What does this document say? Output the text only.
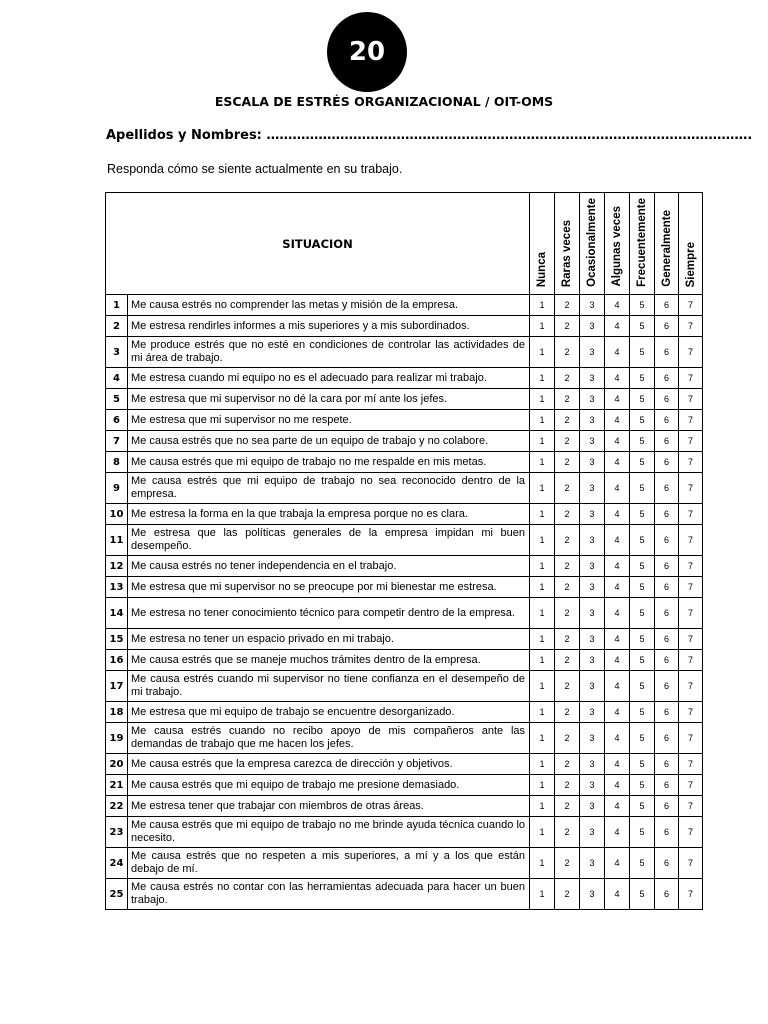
20
ESCALA DE ESTRÉS ORGANIZACIONAL / OIT-OMS
Apellidos y Nombres: ………………………………………………………………………………………………….
Responda cómo se siente actualmente en su trabajo.
SITUACION		Nunca	Raras veces	Ocasionalmente	Algunas veces	Frecuentemente	Generalmente	Siempre
1	Me causa estrés no comprender las metas y misión de la empresa.	1	2	3	4	5	6	7
2	Me estresa rendirles informes a mis superiores y a mis subordinados.	1	2	3	4	5	6	7
3	Me produce estrés que no esté en condiciones de controlar las actividades de mi área de trabajo.	1	2	3	4	5	6	7
4	Me estresa cuando mi equipo no es el adecuado para realizar mi trabajo.	1	2	3	4	5	6	7
5	Me estresa que mi supervisor no dé la cara por mí ante los jefes.	1	2	3	4	5	6	7
6	Me estresa que mi supervisor no me respete.	1	2	3	4	5	6	7
7	Me causa estrés que no sea parte de un equipo de trabajo y no colabore.	1	2	3	4	5	6	7
8	Me causa estrés que mi equipo de trabajo no me respalde en mis metas.	1	2	3	4	5	6	7
9	Me causa estrés que mi equipo de trabajo no sea reconocido dentro de la empresa.	1	2	3	4	5	6	7
10	Me estresa la forma en la que trabaja la empresa porque no es clara.	1	2	3	4	5	6	7
11	Me estresa que las políticas generales de la empresa impidan mi buen desempeño.	1	2	3	4	5	6	7
12	Me causa estrés no tener independencia en el trabajo.	1	2	3	4	5	6	7
13	Me estresa que mi supervisor no se preocupe por mi bienestar me estresa.	1	2	3	4	5	6	7
14	Me estresa no tener conocimiento técnico para competir dentro de la empresa.	1	2	3	4	5	6	7
15	Me estresa no tener un espacio privado en mi trabajo.	1	2	3	4	5	6	7
16	Me causa estrés que se maneje muchos trámites dentro de la empresa.	1	2	3	4	5	6	7
17	Me causa estrés cuando mi supervisor no tiene confianza en el desempeño de mi trabajo.	1	2	3	4	5	6	7
18	Me estresa que mi equipo de trabajo se encuentre desorganizado.	1	2	3	4	5	6	7
19	Me causa estrés cuando no recibo apoyo de mis compañeros ante las demandas de trabajo que me hacen los jefes.	1	2	3	4	5	6	7
20	Me causa estrés que la empresa carezca de dirección y objetivos.	1	2	3	4	5	6	7
21	Me causa estrés que mi equipo de trabajo me presione demasiado.	1	2	3	4	5	6	7
22	Me estresa tener que trabajar con miembros de otras áreas.	1	2	3	4	5	6	7
23	Me causa estrés que mi equipo de trabajo no me brinde ayuda técnica cuando lo necesito.	1	2	3	4	5	6	7
24	Me causa estrés que no respeten a mis superiores, a mí y a los que están debajo de mí.	1	2	3	4	5	6	7
25	Me causa estrés no contar con las herramientas adecuada para hacer un buen trabajo.	1	2	3	4	5	6	7
